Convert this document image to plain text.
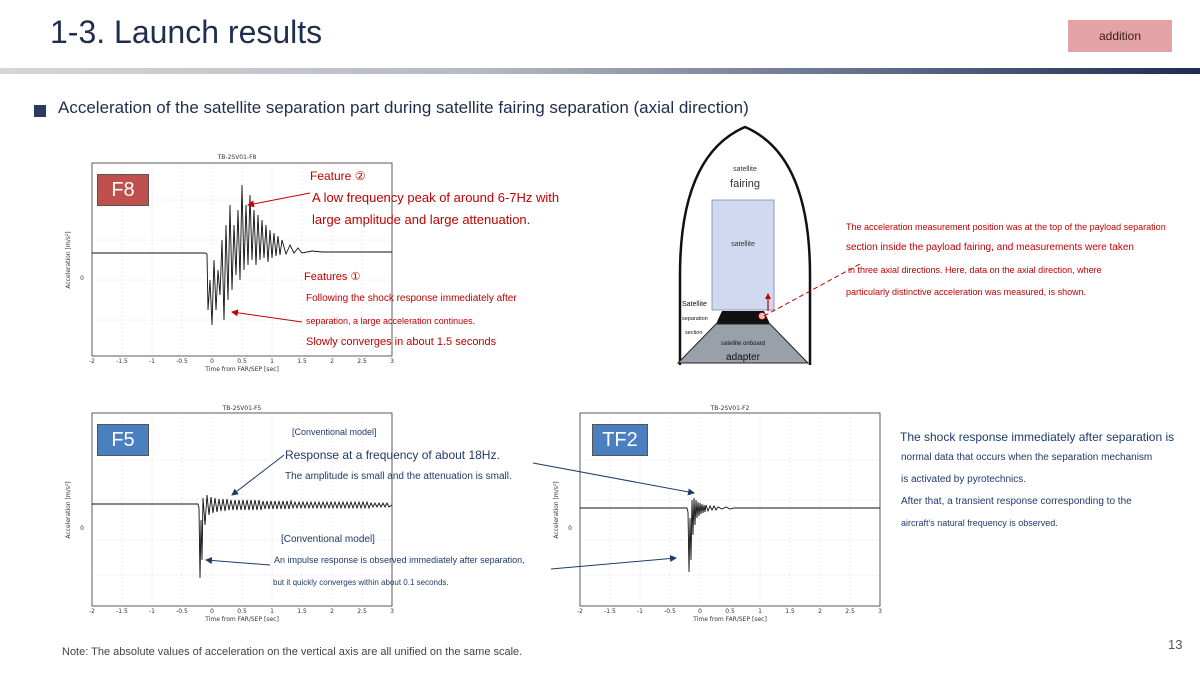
1-3. Launch results	addition
Acceleration of the satellite separation part during satellite fairing separation (axial direction)
TB-2SV01-F8
0
Acceleration [m/s²]
-2	-1.5	-1	-0.5	0	0.5	1	1.5	2	2.5	3
Time from FAR/SEP [sec]
F8
Feature ②
A low frequency peak of around 6-7Hz with
large amplitude and large attenuation.
Features ①
Following the shock response immediately after
separation, a large acceleration continues.
Slowly converges in about 1.5 seconds
satellite
fairing
satellite
satellite onboard
adapter
Satellite
separation
section
The acceleration measurement position was at the top of the payload separation
section inside the payload fairing, and measurements were taken
in three axial directions. Here, data on the axial direction, where
particularly distinctive acceleration was measured, is shown.
TB-2SV01-F5
0
Acceleration [m/s²]
-2	-1.5	-1	-0.5	0	0.5	1	1.5	2	2.5	3
Time from FAR/SEP [sec]
F5
TB-2SV01-F2
0
Acceleration [m/s²]
-2	-1.5	-1	-0.5	0	0.5	1	1.5	2	2.5	3
Time from FAR/SEP [sec]
TF2
[Conventional model]
Response at a frequency of about 18Hz.
The amplitude is small and the attenuation is small.
[Conventional model]
An impulse response is observed immediately after separation,
but it quickly converges within about 0.1 seconds.
The shock response immediately after separation is
normal data that occurs when the separation mechanism
is activated by pyrotechnics.
After that, a transient response corresponding to the
aircraft's natural frequency is observed.
Note: The absolute values of acceleration on the vertical axis are all unified on the same scale.	13
